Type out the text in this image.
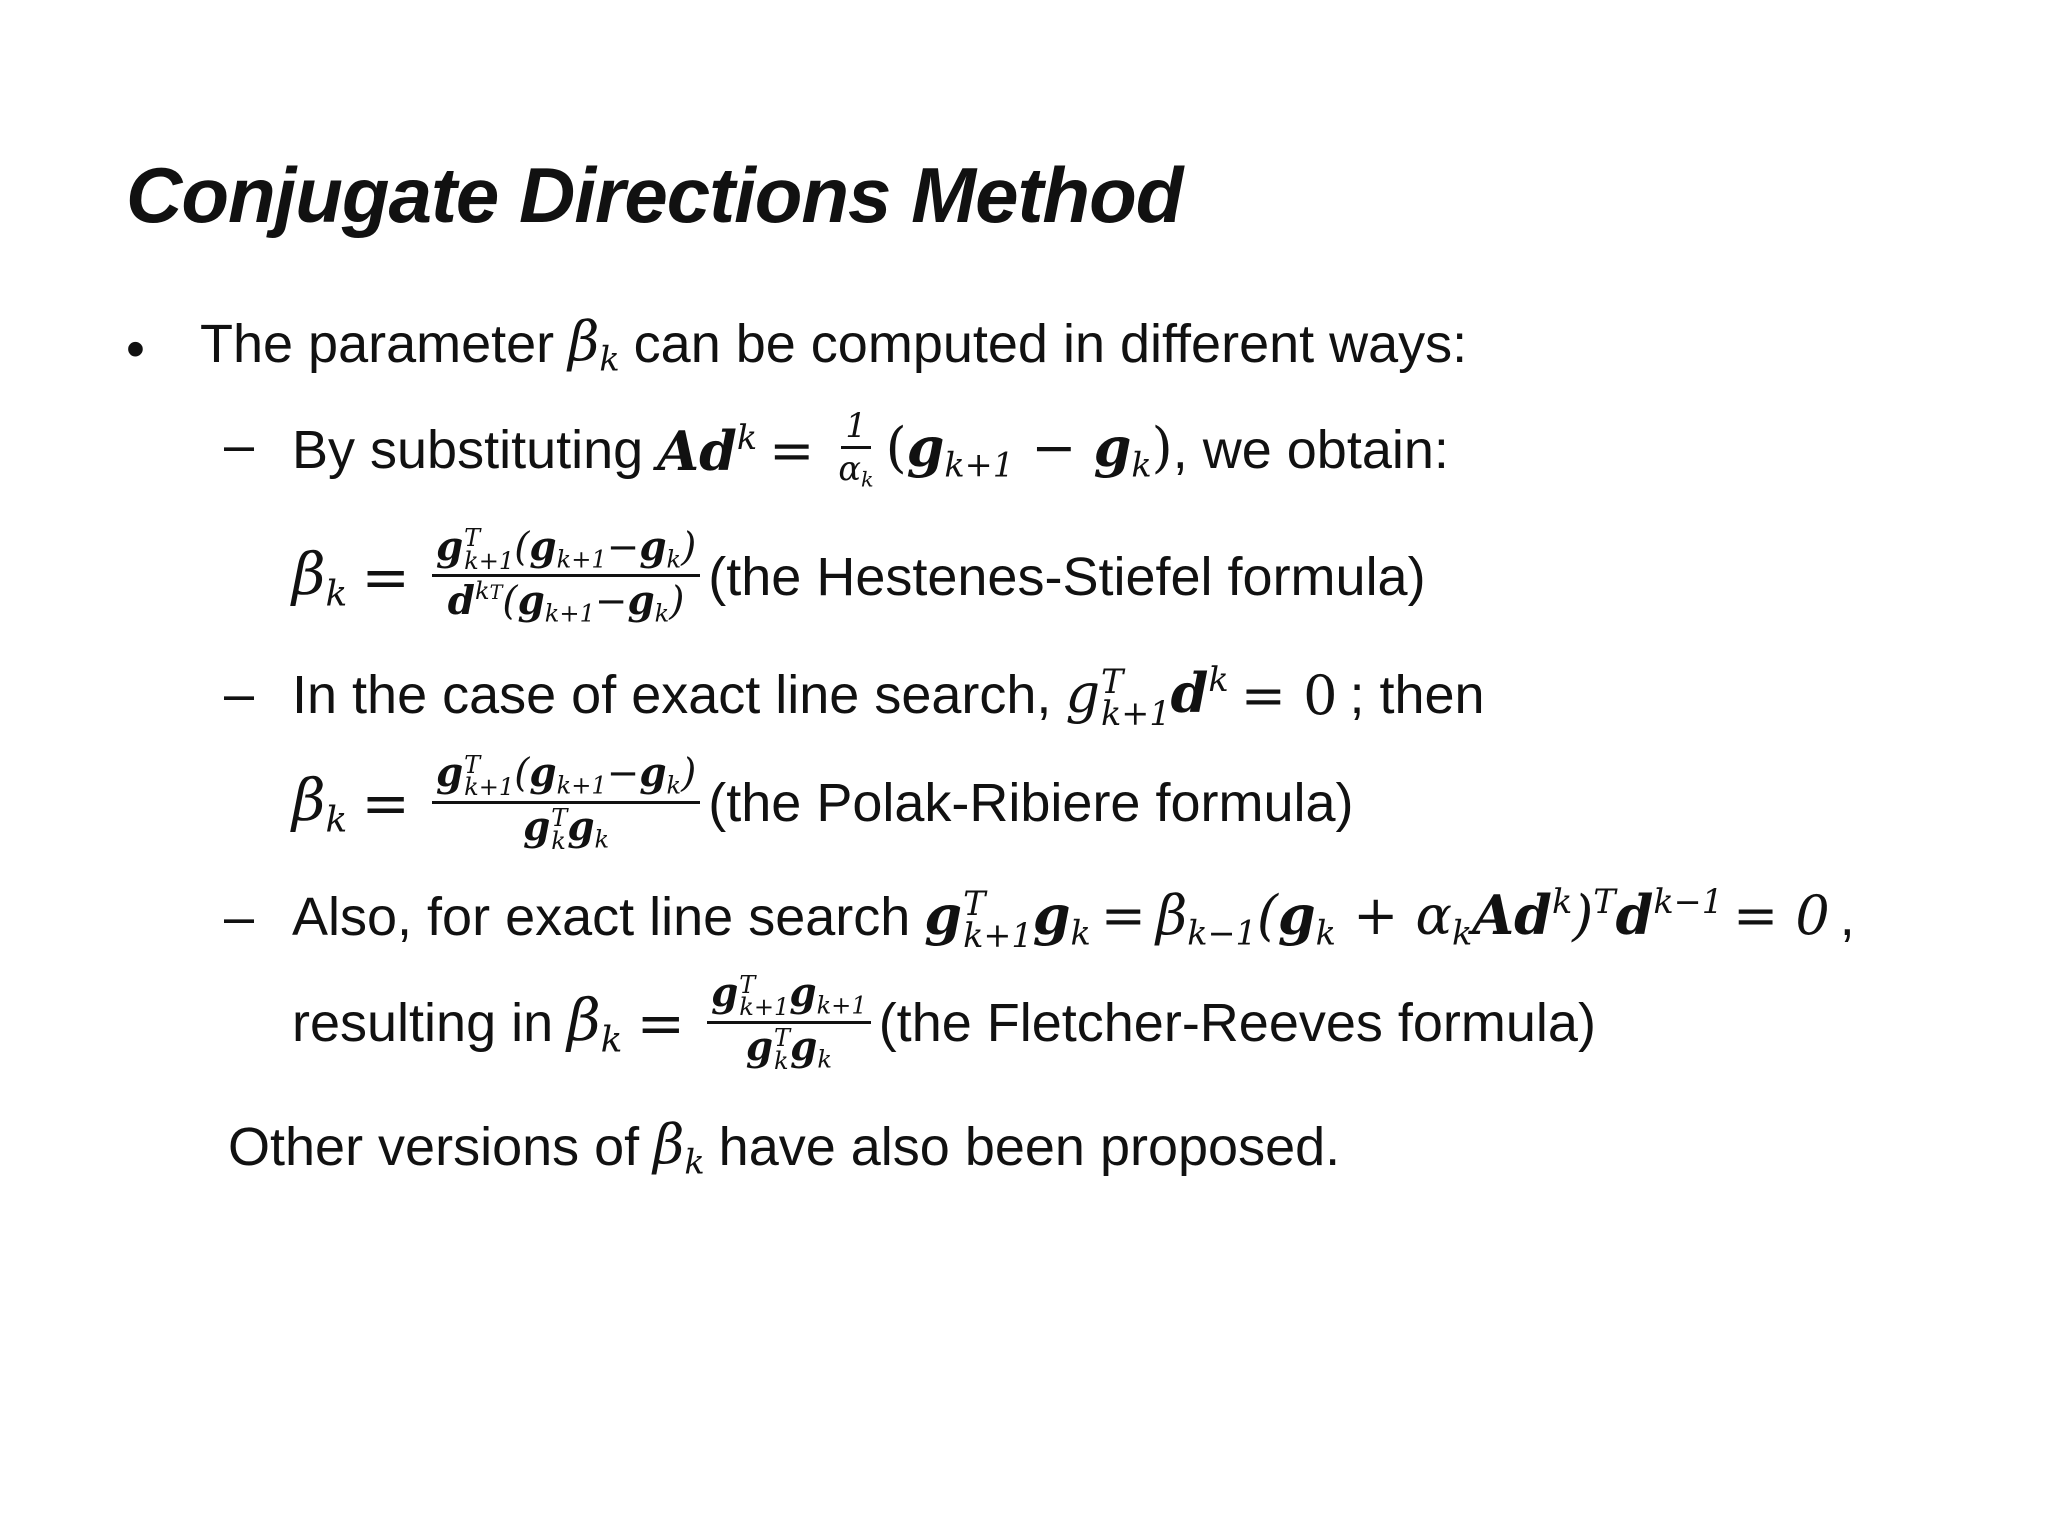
Conjugate Directions Method
• The parameter $\beta_k$ can be computed in different ways:
– By substituting $Ad^k = \frac{1}{\alpha_k} (g_{k+1} - g_k)$ , we obtain:
$\beta_k = g$ T
k+1 $(g_{k+1}-g_k)$
$d^{kT}(g_{k+1}-g_k)$ (the Hestenes-Stiefel formula)
– In the case of exact line search, g T
k+1 $d^k = 0$ ; then
$\beta_k = g$ T
k+1 $(g_{k+1}-g_k)$
g T
k $g_k$ (the Polak-Ribiere formula)
– Also, for exact line search g T
k+1 $g_k = \beta_{k-1}(g_k + \alpha_kAd^k)^Td^{k-1} = 0$ ,
resulting in $\beta_k = g$ T
k+1 $g_{k+1}$
g T
k $g_k$ (the Fletcher-Reeves formula)
Other versions of $\beta_k$ have also been proposed.
